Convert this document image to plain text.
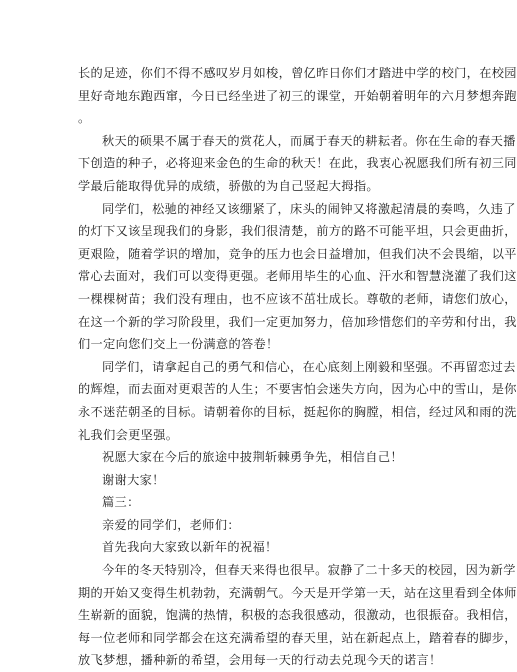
长的足迹，你们不得不感叹岁月如梭，曾亿昨日你们才踏进中学的校门，在校园
里好奇地东跑西窜，今日已经坐进了初三的课堂，开始朝着明年的六月梦想奔跑
。
秋天的硕果不属于春天的赏花人，而属于春天的耕耘者。你在生命的春天播
下创造的种子，必将迎来金色的生命的秋天！在此，我衷心祝愿我们所有初三同
学最后能取得优异的成绩，骄傲的为自己竖起大拇指。
同学们，松驰的神经又该绷紧了，床头的闹钟又将激起清晨的奏鸣，久违了
的灯下又该呈现我们的身影，我们很清楚，前方的路不可能平坦，只会更曲折，
更艰险，随着学识的增加，竞争的压力也会日益增加，但我们决不会畏缩，以平
常心去面对，我们可以变得更强。老师用毕生的心血、汗水和智慧浇灌了我们这
一棵棵树苗；我们没有理由，也不应该不茁壮成长。尊敬的老师，请您们放心，
在这一个新的学习阶段里，我们一定更加努力，倍加珍惜您们的辛劳和付出，我
们一定向您们交上一份满意的答卷！
同学们，请拿起自己的勇气和信心，在心底刻上刚毅和坚强。不再留恋过去
的辉煌，而去面对更艰苦的人生；不要害怕会迷失方向，因为心中的雪山，是你
永不迷茫朝圣的目标。请朝着你的目标，挺起你的胸膛，相信，经过风和雨的洗
礼我们会更坚强。
祝愿大家在今后的旅途中披荆斩棘勇争先，相信自己！
谢谢大家！
篇三：
亲爱的同学们，老师们：
首先我向大家致以新年的祝福！
今年的冬天特别冷，但春天来得也很早。寂静了二十多天的校园，因为新学
期的开始又变得生机勃勃，充满朝气。今天是开学第一天，站在这里看到全体师
生崭新的面貌，饱满的热情，积极的态我很感动，很激动，也很振奋。我相信，
每一位老师和同学都会在这充满希望的春天里，站在新起点上，踏着春的脚步，
放飞梦想，播种新的希望，会用每一天的行动去兑现今天的诺言！
